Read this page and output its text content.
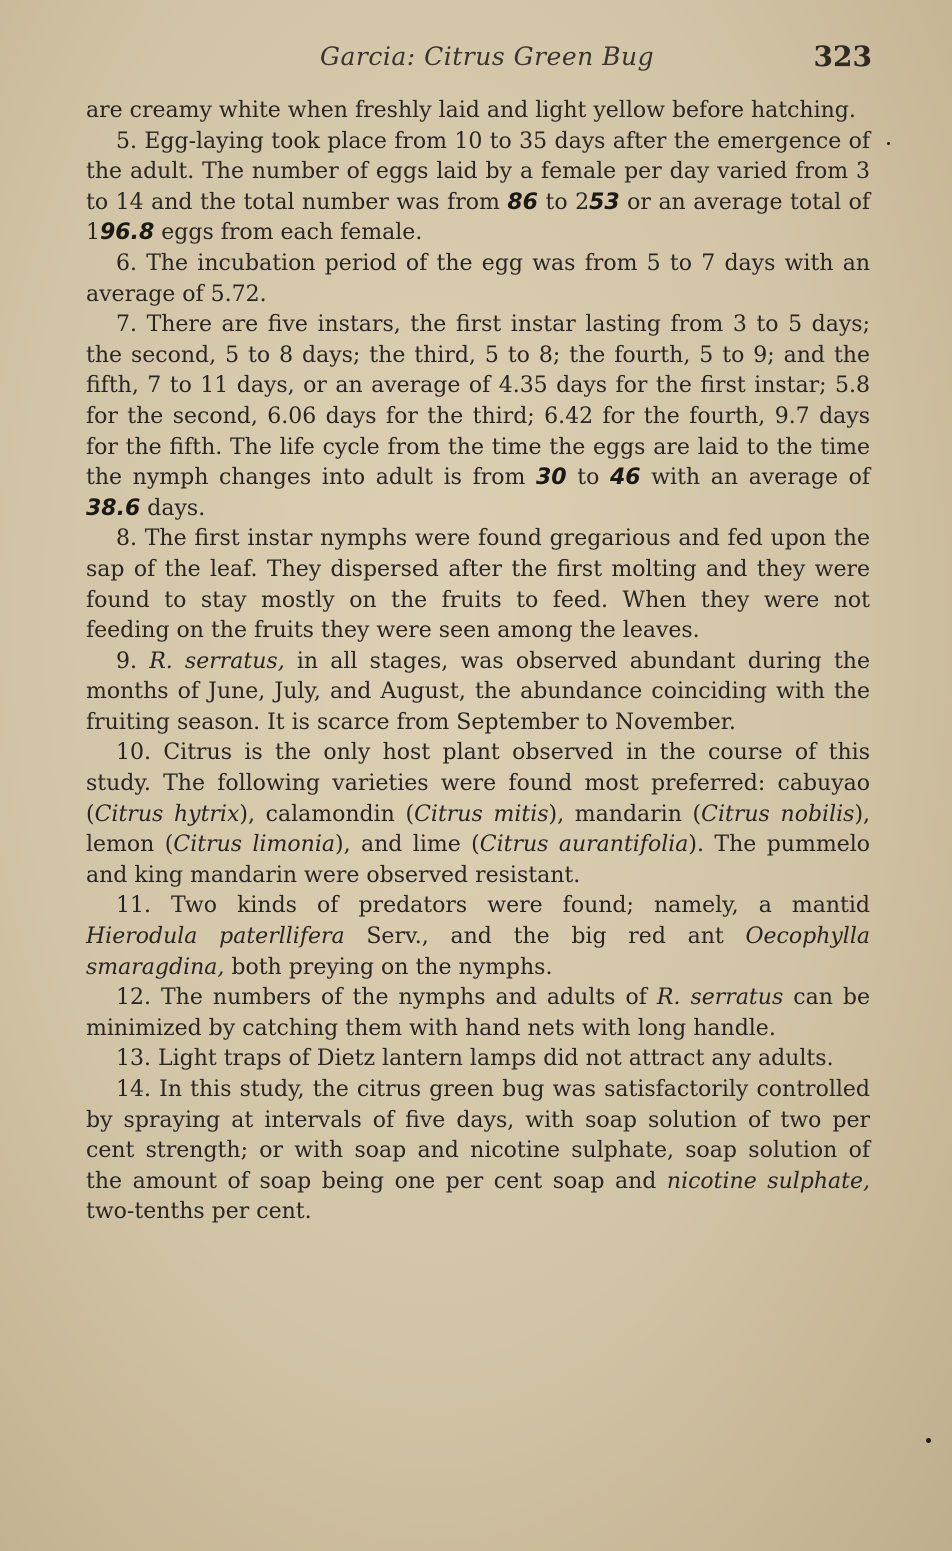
Garcia: Citrus Green Bug	323

are creamy white when freshly laid and light yellow before hatching.

5. Egg-laying took place from 10 to 35 days after the emergence of the adult. The number of eggs laid by a female per day varied from 3 to 14 and the total number was from 86 to 253 or an average total of 196.8 eggs from each female.

6. The incubation period of the egg was from 5 to 7 days with an average of 5.72.

7. There are five instars, the first instar lasting from 3 to 5 days; the second, 5 to 8 days; the third, 5 to 8; the fourth, 5 to 9; and the fifth, 7 to 11 days, or an average of 4.35 days for the first instar; 5.8 for the second, 6.06 days for the third; 6.42 for the fourth, 9.7 days for the fifth. The life cycle from the time the eggs are laid to the time the nymph changes into adult is from 30 to 46 with an average of 38.6 days.

8. The first instar nymphs were found gregarious and fed upon the sap of the leaf. They dispersed after the first molting and they were found to stay mostly on the fruits to feed. When they were not feeding on the fruits they were seen among the leaves.

9. R. serratus, in all stages, was observed abundant during the months of June, July, and August, the abundance coinciding with the fruiting season. It is scarce from September to November.

10. Citrus is the only host plant observed in the course of this study. The following varieties were found most preferred: cabuyao (Citrus hytrix), calamondin (Citrus mitis), mandarin (Citrus nobilis), lemon (Citrus limonia), and lime (Citrus aurantifolia). The pummelo and king mandarin were observed resistant.

11. Two kinds of predators were found; namely, a mantid Hierodula paterllifera Serv., and the big red ant Oecophylla smaragdina, both preying on the nymphs.

12. The numbers of the nymphs and adults of R. serratus can be minimized by catching them with hand nets with long handle.

13. Light traps of Dietz lantern lamps did not attract any adults.

14. In this study, the citrus green bug was satisfactorily controlled by spraying at intervals of five days, with soap solution of two per cent strength; or with soap and nicotine sulphate, soap solution of the amount of soap being one per cent soap and nicotine sulphate, two-tenths per cent.
